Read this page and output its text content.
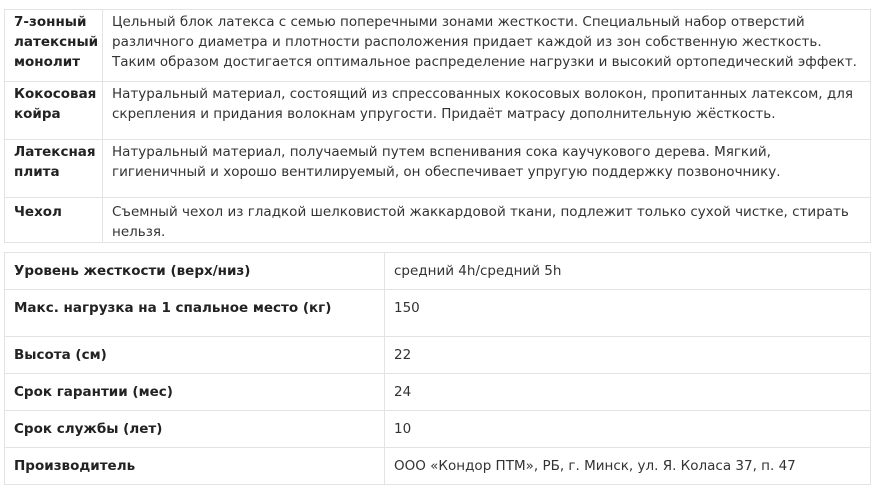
7-зонный латексный монолит	Цельный блок латекса с семью поперечными зонами жесткости. Специальный набор отверстий различного диаметра и плотности расположения придает каждой из зон собственную жесткость. Таким образом достигается оптимальное распределение нагрузки и высокий ортопедический эффект.
Кокосовая койра	Натуральный материал, состоящий из спрессованных кокосовых волокон, пропитанных латексом, для скрепления и придания волокнам упругости. Придаёт матрасу дополнительную жёсткость.
Латексная плита	Натуральный материал, получаемый путем вспенивания сока каучукового дерева. Мягкий, гигиеничный и хорошо вентилируемый, он обеспечивает упругую поддержку позвоночнику.
Чехол	Съемный чехол из гладкой шелковистой жаккардовой ткани, подлежит только сухой чистке, стирать нельзя.
Уровень жесткости (верх/низ)	средний 4h/средний 5h
Макс. нагрузка на 1 спальное место (кг)	150
Высота (см)	22
Срок гарантии (мес)	24
Срок службы (лет)	10
Производитель	ООО «Кондор ПТМ», РБ, г. Минск, ул. Я. Коласа 37, п. 47
